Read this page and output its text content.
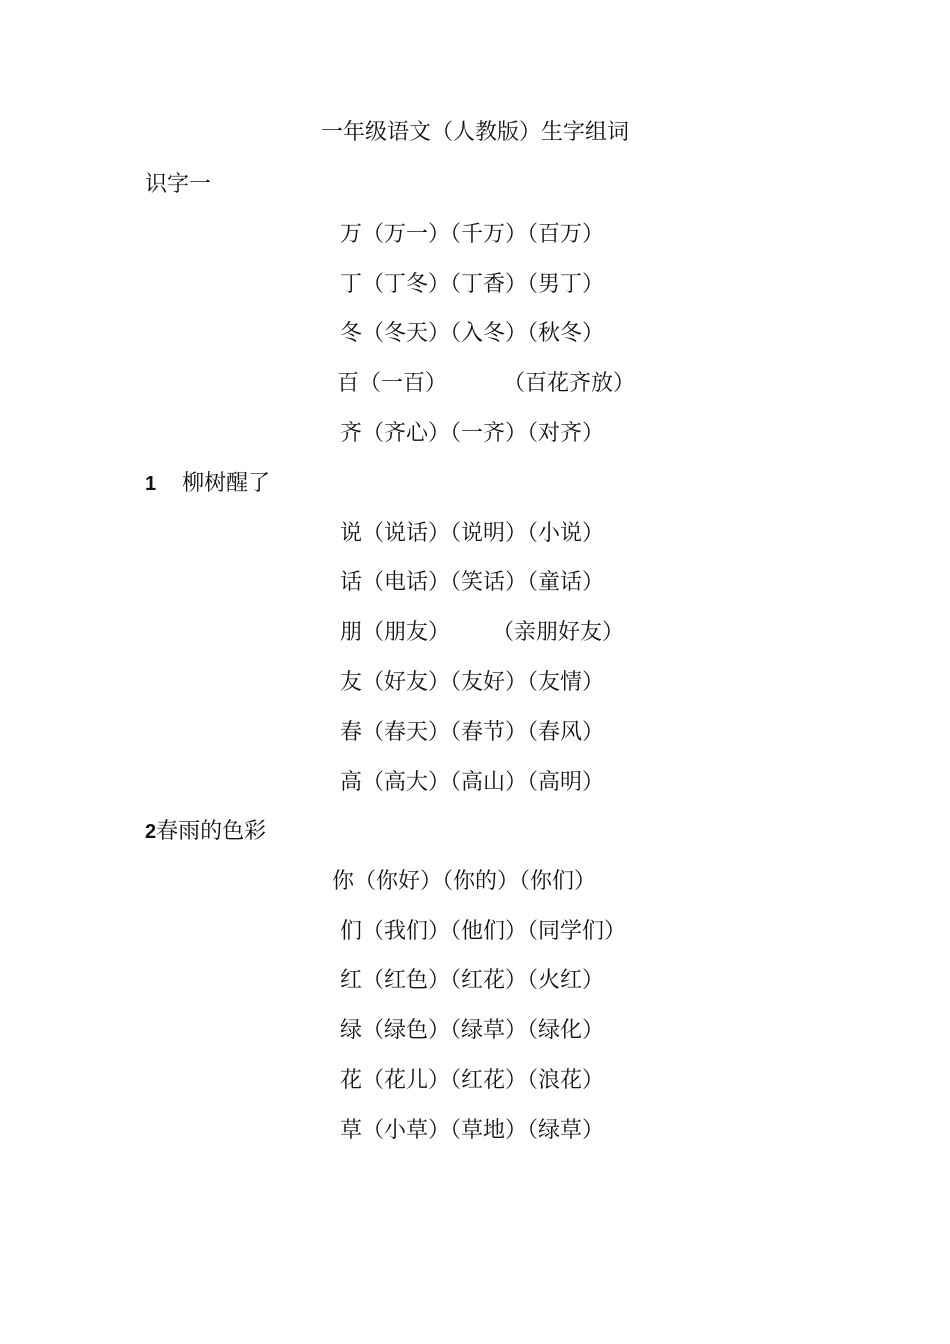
一年级语文（人教版）生字组词
识字一
万（万一）（千万）（百万）
丁（丁冬）（丁香）（男丁）
冬（冬天）（入冬）（秋冬）
百（一百）        （百花齐放）
齐（齐心）（一齐）（对齐）
1 柳树醒了
说（说话）（说明）（小说）
话（电话）（笑话）（童话）
朋（朋友）      （亲朋好友）
友（好友）（友好）（友情）
春（春天）（春节）（春风）
高（高大）（高山）（高明）
2春雨的色彩
你（你好）（你的）（你们）
们（我们）（他们）（同学们）
红（红色）（红花）（火红）
绿（绿色）（绿草）（绿化）
花（花儿）（红花）（浪花）
草（小草）（草地）（绿草）
